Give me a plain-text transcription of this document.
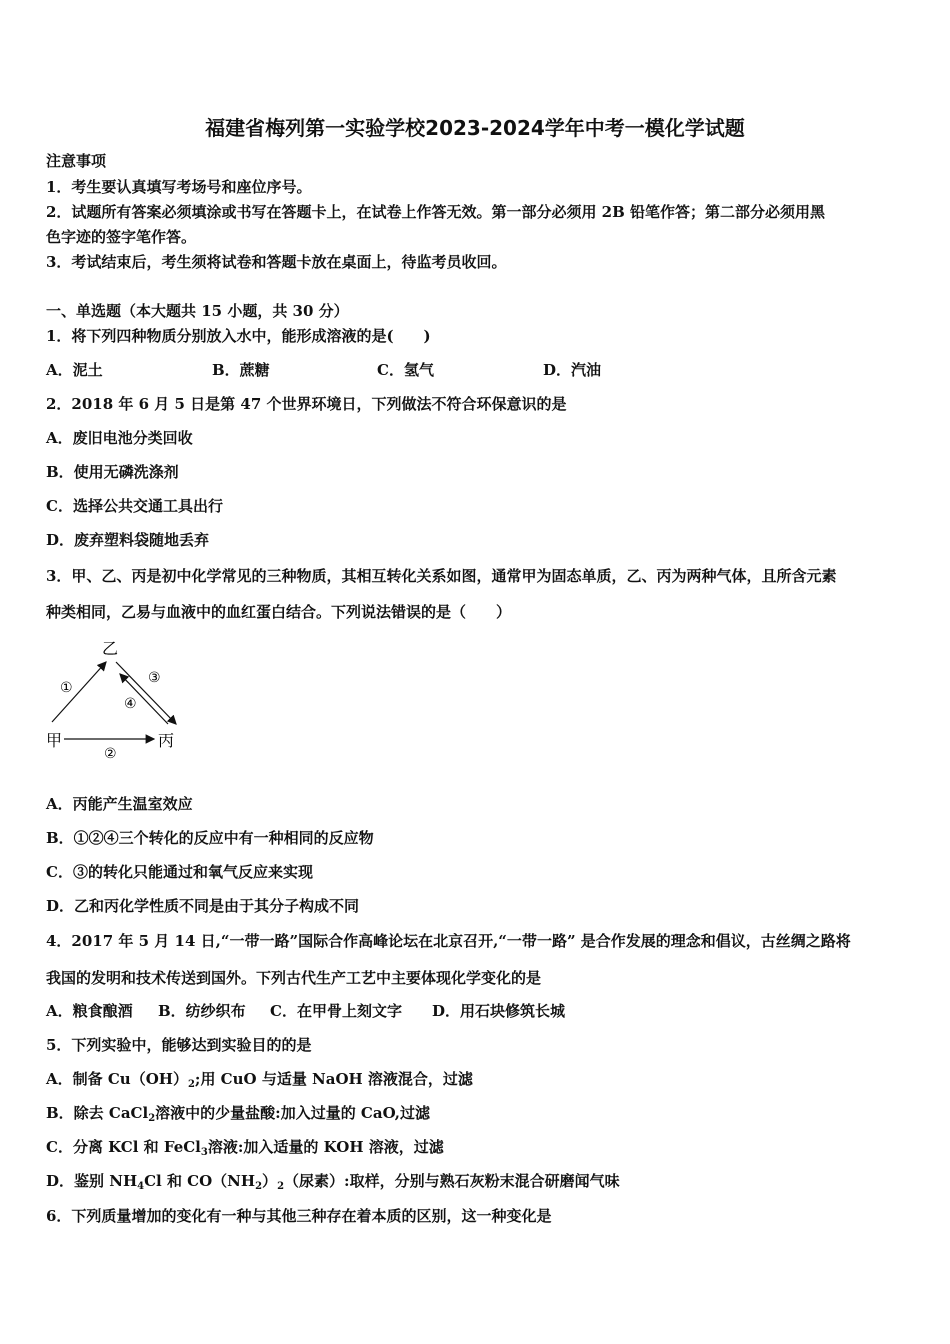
福建省梅列第一实验学校2023-2024学年中考一模化学试题
注意事项
1．考生要认真填写考场号和座位序号。
2．试题所有答案必须填涂或书写在答题卡上，在试卷上作答无效。第一部分必须用 2B 铅笔作答；第二部分必须用黑
色字迹的签字笔作答。
3．考试结束后，考生须将试卷和答题卡放在桌面上，待监考员收回。
一、单选题（本大题共 15 小题，共 30 分）
1．将下列四种物质分别放入水中，能形成溶液的是(　　)
A．泥土	B．蔗糖	C．氢气	D．汽油
2．2018 年 6 月 5 日是第 47 个世界环境日，下列做法不符合环保意识的是
A．废旧电池分类回收
B．使用无磷洗涤剂
C．选择公共交通工具出行
D．废弃塑料袋随地丢弃
3．甲、乙、丙是初中化学常见的三种物质，其相互转化关系如图，通常甲为固态单质，乙、丙为两种气体，且所含元素
种类相同，乙易与血液中的血红蛋白结合。下列说法错误的是（　　）
乙
甲	丙
①
③
④
②
A．丙能产生温室效应
B．①②④三个转化的反应中有一种相同的反应物
C．③的转化只能通过和氧气反应来实现
D．乙和丙化学性质不同是由于其分子构成不同
4．2017 年 5 月 14 日,“一带一路”国际合作高峰论坛在北京召开,“一带一路” 是合作发展的理念和倡议，古丝绸之路将
我国的发明和技术传送到国外。下列古代生产工艺中主要体现化学变化的是
A．粮食酿酒 B．纺纱织布 C．在甲骨上刻文字 D．用石块修筑长城
5．下列实验中，能够达到实验目的的是
A．制备 $Cu(OH)_2$;用 CuO 与适量 NaOH 溶液混合，过滤
B．除去 CaCl$_2$溶液中的少量盐酸:加入过量的 CaO,过滤
C．分离 KCl 和 FeCl$_3$溶液:加入适量的 KOH 溶液，过滤
D．鉴别 $NH_4Cl$ 和 $CO(NH_2)_2$（尿素）:取样，分别与熟石灰粉末混合研磨闻气味
6．下列质量增加的变化有一种与其他三种存在着本质的区别，这一种变化是
